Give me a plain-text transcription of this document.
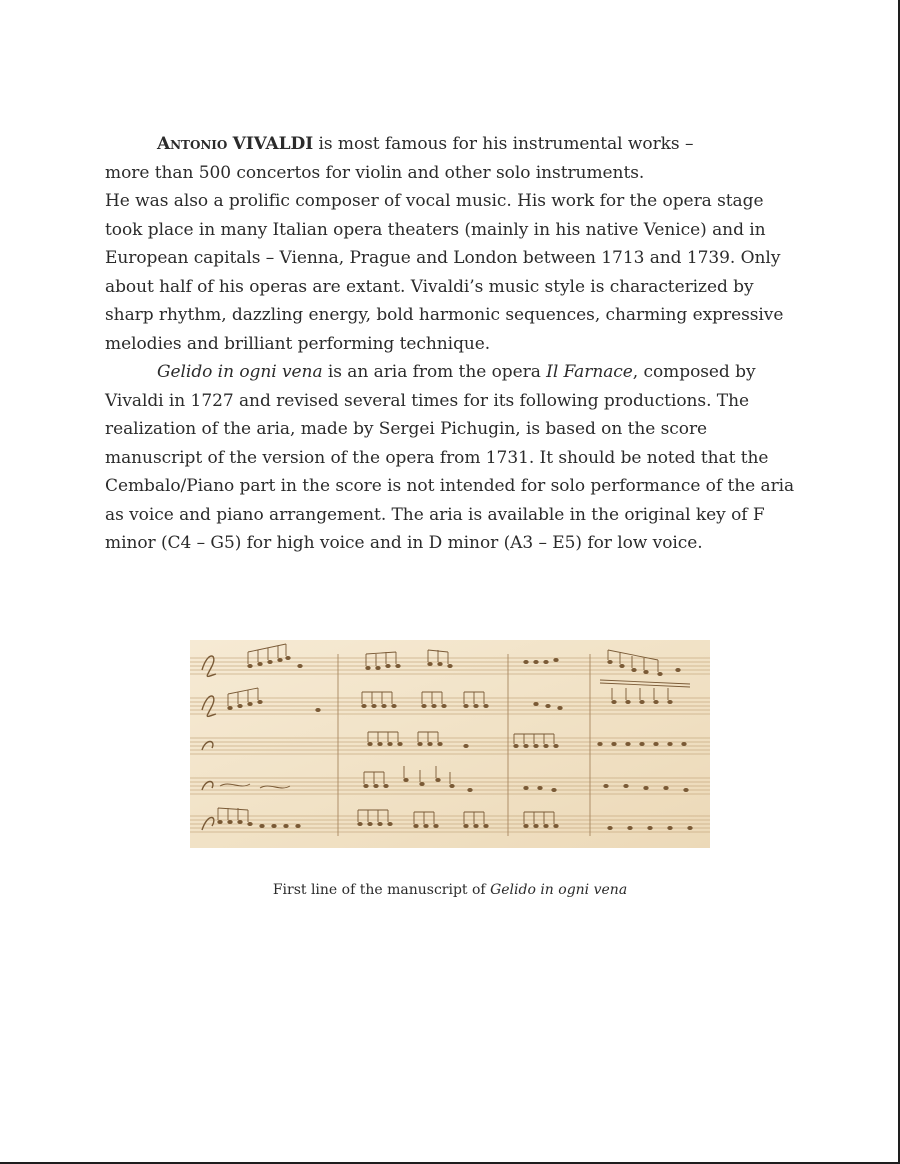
Antonio VIVALDI is most famous for his instrumental works –
more than 500 concertos for violin and other solo instruments.
He was also a prolific composer of vocal music. His work for the opera stage took place in many Italian opera theaters (mainly in his native Venice) and in European capitals – Vienna, Prague and London between 1713 and 1739. Only about half of his operas are extant. Vivaldi’s music style is characterized by sharp rhythm, dazzling energy, bold harmonic sequences, charming expressive melodies and brilliant performing technique.

Gelido in ogni vena is an aria from the opera Il Farnace, composed by Vivaldi in 1727 and revised several times for its following productions. The realization of the aria, made by Sergei Pichugin, is based on the score manuscript of the version of the opera from 1731. It should be noted that the Cembalo/Piano part in the score is not intended for solo performance of the aria as voice and piano arrangement. The aria is available in the original key of F minor (C4 – G5) for high voice and in D minor (A3 – E5) for low voice.

First line of the manuscript of Gelido in ogni vena
